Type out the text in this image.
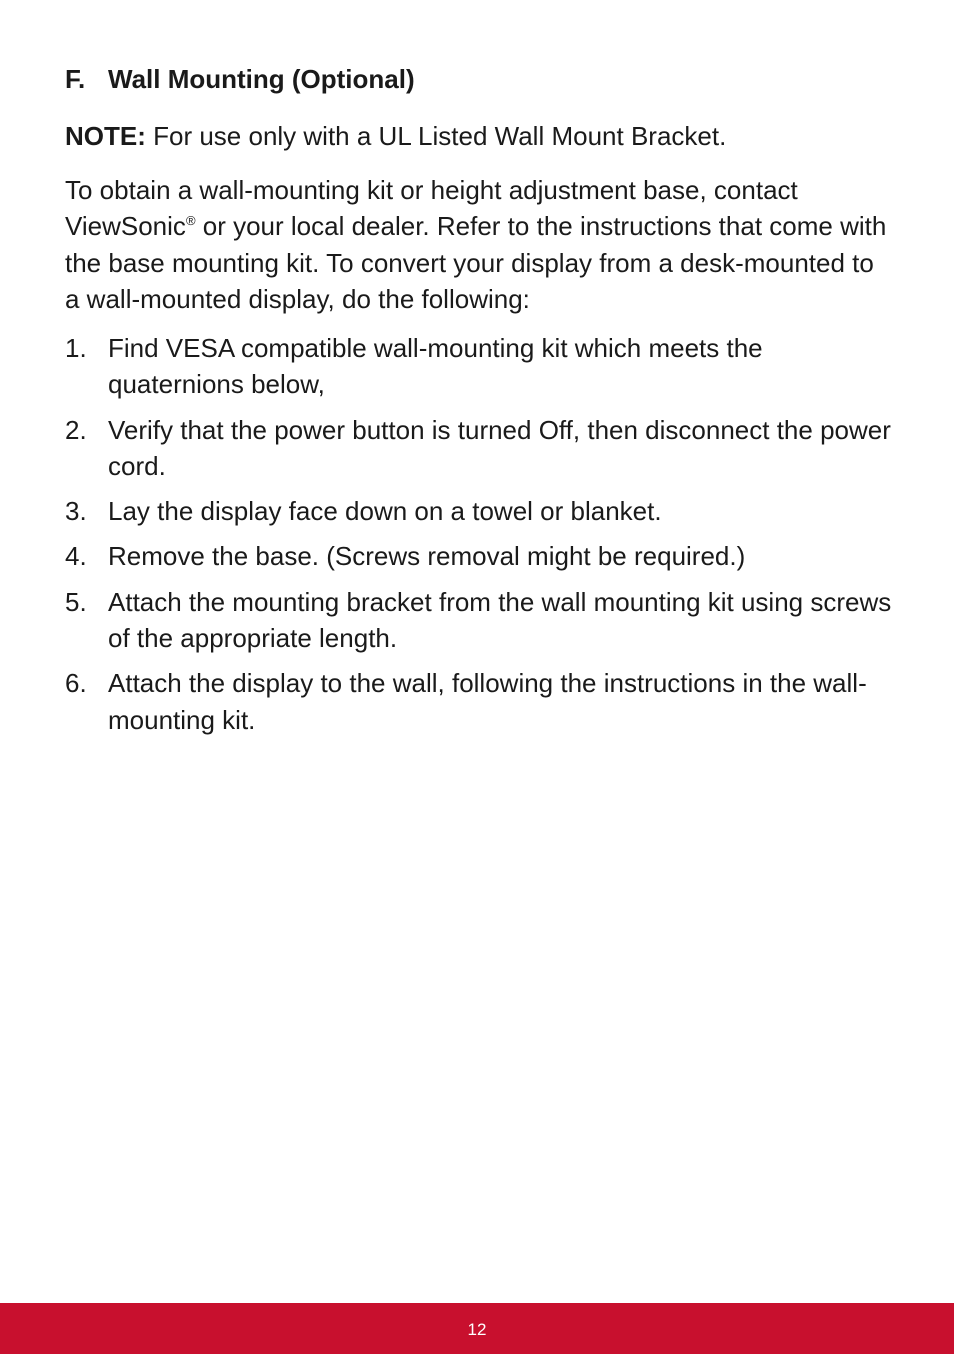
F. Wall Mounting (Optional)

NOTE: For use only with a UL Listed Wall Mount Bracket.

To obtain a wall-mounting kit or height adjustment base, contact ViewSonic® or your local dealer. Refer to the instructions that come with the base mounting kit. To convert your display from a desk-mounted to a wall-mounted display, do the following:

1. Find VESA compatible wall-mounting kit which meets the quaternions below,
2. Verify that the power button is turned Off, then disconnect the power cord.
3. Lay the display face down on a towel or blanket.
4. Remove the base. (Screws removal might be required.)
5. Attach the mounting bracket from the wall mounting kit using screws of the appropriate length.
6. Attach the display to the wall, following the instructions in the wall-mounting kit.
12
